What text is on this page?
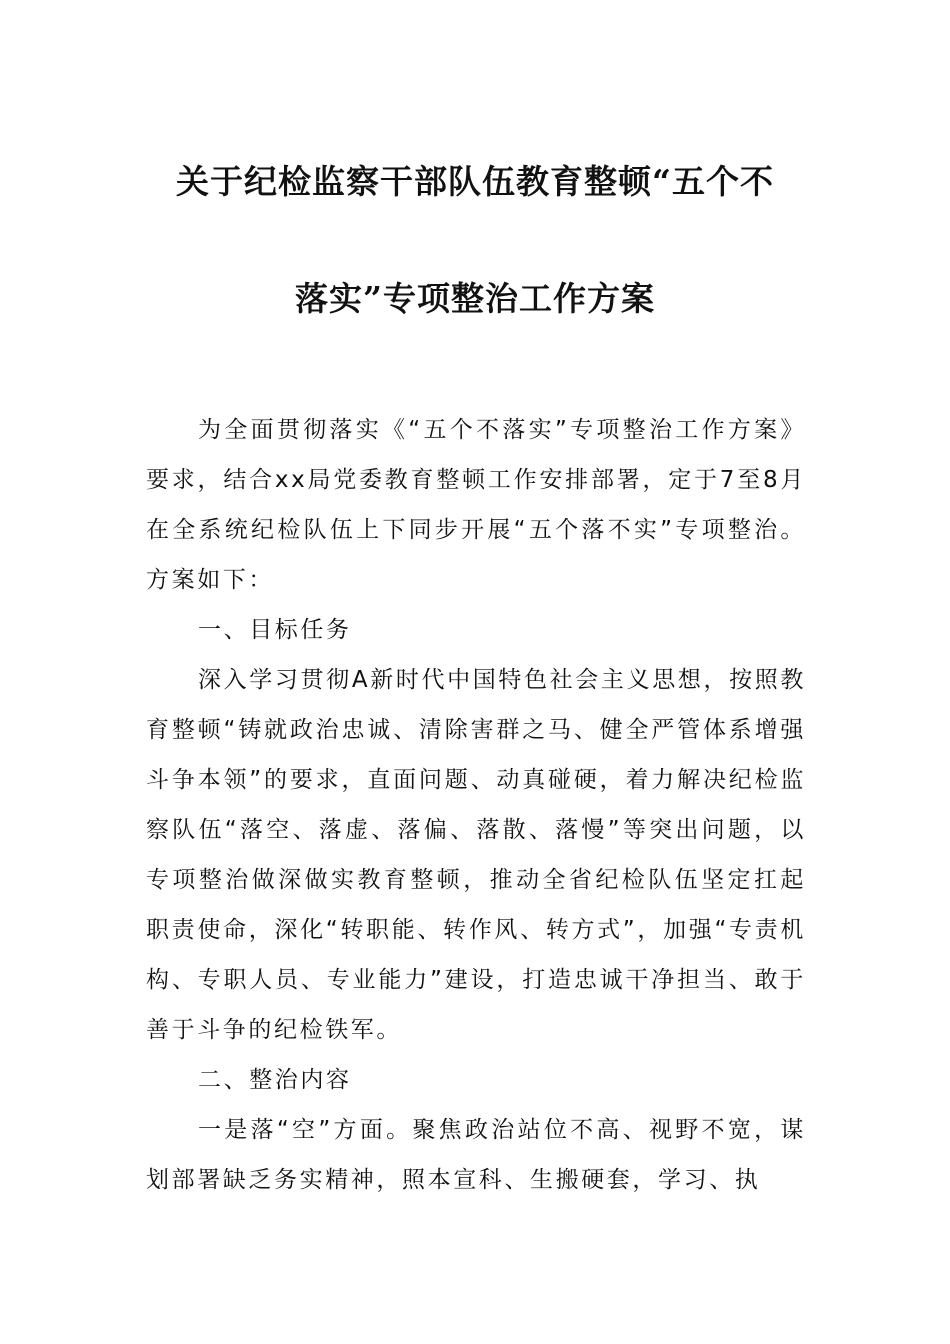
关于纪检监察干部队伍教育整顿“五个不
落实”专项整治工作方案

为全面贯彻落实《“五个不落实”专项整治工作方案》要求，结合xx局党委教育整顿工作安排部署，定于7至8月在全系统纪检队伍上下同步开展“五个落不实”专项整治。方案如下：

一、目标任务

深入学习贯彻A新时代中国特色社会主义思想，按照教育整顿“铸就政治忠诚、清除害群之马、健全严管体系增强斗争本领”的要求，直面问题、动真碰硬，着力解决纪检监察队伍“落空、落虚、落偏、落散、落慢”等突出问题，以专项整治做深做实教育整顿，推动全省纪检队伍坚定扛起职责使命，深化“转职能、转作风、转方式”，加强“专责机构、专职人员、专业能力”建设，打造忠诚干净担当、敢于善于斗争的纪检铁军。

二、整治内容

一是落“空”方面。聚焦政治站位不高、视野不宽，谋划部署缺乏务实精神，照本宣科、生搬硬套，学习、执
